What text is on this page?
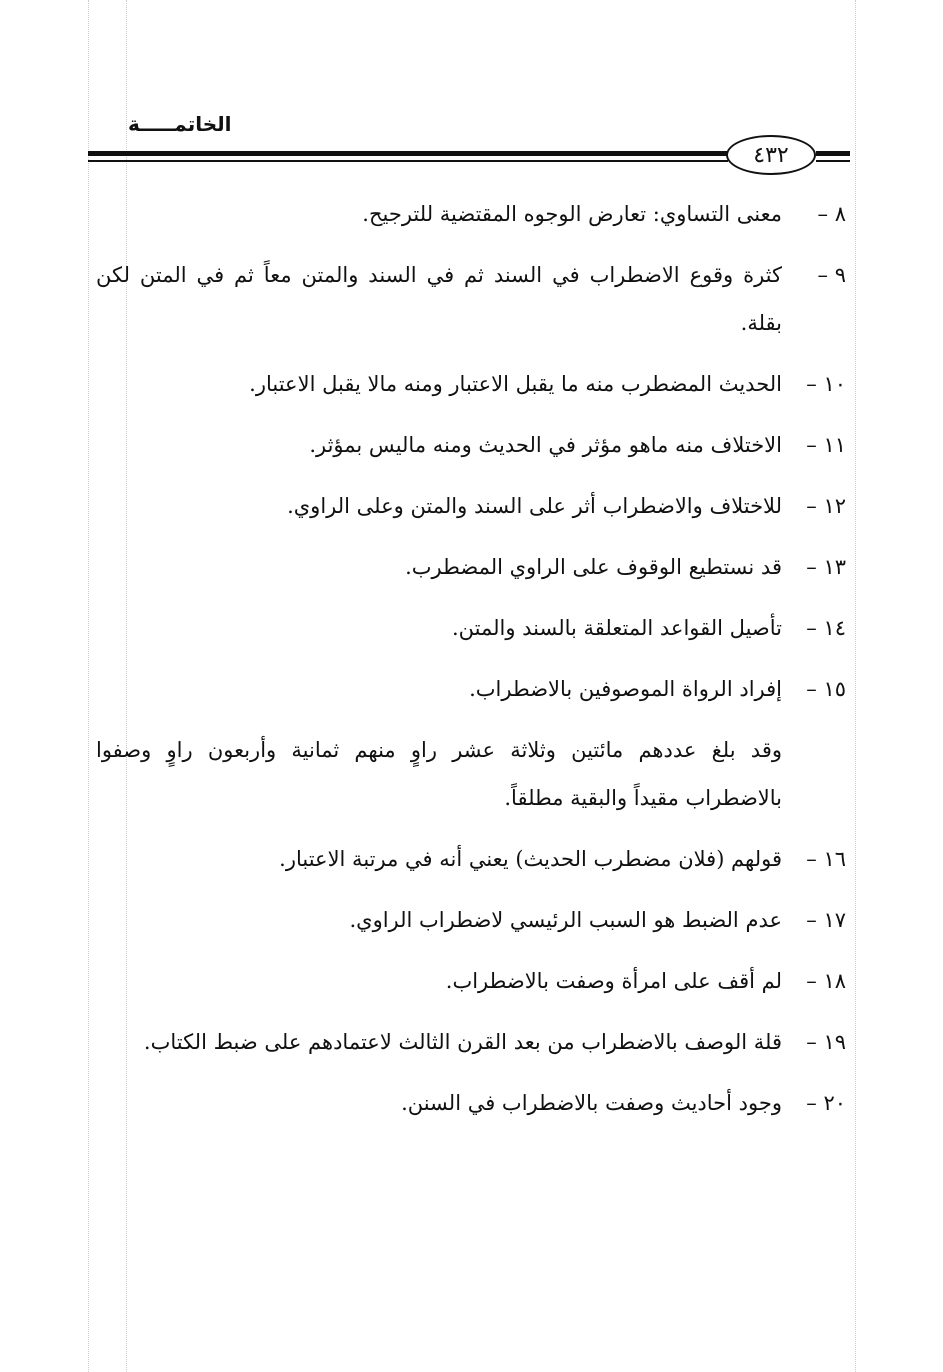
الخاتمـــــة
٤٣٢
٨ –
معنى التساوي: تعارض الوجوه المقتضية للترجيح.
٩ –
كثرة وقوع الاضطراب في السند ثم في السند والمتن معاً ثم في المتن لكن بقلة.
١٠ –
الحديث المضطرب منه ما يقبل الاعتبار ومنه مالا يقبل الاعتبار.
١١ –
الاختلاف منه ماهو مؤثر في الحديث ومنه ماليس بمؤثر.
١٢ –
للاختلاف والاضطراب أثر على السند والمتن وعلى الراوي.
١٣ –
قد نستطيع الوقوف على الراوي المضطرب.
١٤ –
تأصيل القواعد المتعلقة بالسند والمتن.
١٥ –
إفراد الرواة الموصوفين بالاضطراب.
وقد بلغ عددهم مائتين وثلاثة عشر راوٍ منهم ثمانية وأربعون راوٍ وصفوا بالاضطراب مقيداً والبقية مطلقاً.
١٦ –
قولهم (فلان مضطرب الحديث) يعني أنه في مرتبة الاعتبار.
١٧ –
عدم الضبط هو السبب الرئيسي لاضطراب الراوي.
١٨ –
لم أقف على امرأة وصفت بالاضطراب.
١٩ –
قلة الوصف بالاضطراب من بعد القرن الثالث لاعتمادهم على ضبط الكتاب.
٢٠ –
وجود أحاديث وصفت بالاضطراب في السنن.
